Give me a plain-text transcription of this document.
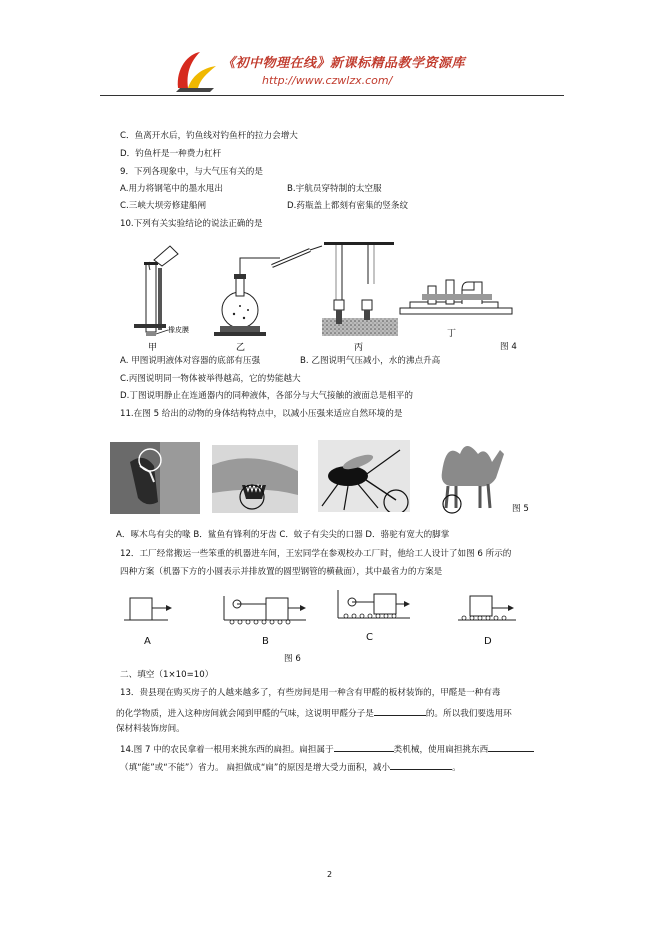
《初中物理在线》新课标精品教学资源库
http://www.czwlzx.com/
C．鱼离开水后，钓鱼线对钓鱼杆的拉力会增大
D．钓鱼杆是一种费力杠杆
9．下列各现象中，与大气压有关的是
A.用力将钢笔中的墨水甩出	B.宇航员穿特制的太空服
C.三峡大坝旁修建船闸	D.药瓶盖上都刻有密集的竖条纹
10.下列有关实验结论的说法正确的是
甲
橡皮膜
乙	丙
丁
图 4
A. 甲图说明液体对容器的底部有压强	B. 乙图说明气压减小，水的沸点升高
C.丙图说明同一物体被举得越高，它的势能越大
D.丁图说明静止在连通器内的同种液体，各部分与大气接触的液面总是相平的
11.在图 5 给出的动物的身体结构特点中，以减小压强来适应自然环境的是
图 5
A．啄木鸟有尖的喙 B．鲨鱼有锋利的牙齿 C．蚊子有尖尖的口器 D．骆驼有宽大的脚掌
12．工厂经常搬运一些笨重的机器进车间，王宏同学在参观校办工厂时，他给工人设计了如图 6 所示的
四种方案（机器下方的小圆表示并排放置的圆型钢管的横截面），其中最省力的方案是
A	B	C	D
图 6
二、填空（1×10=10）
13．贵县现在购买房子的人越来越多了，有些房间是用一种含有甲醛的板材装饰的，甲醛是一种有毒
的化学物质，进入这种房间就会闻到甲醛的气味，这说明甲醛分子是	的。所以我们要选用环
保材料装饰房间。
14.图 7 中的农民拿着一根用来挑东西的扁担。扁担属于	类机械，使用扁担挑东西
（填“能”或“不能”）省力。 扁担做成“扁”的原因是增大受力面积，减小	。
2
